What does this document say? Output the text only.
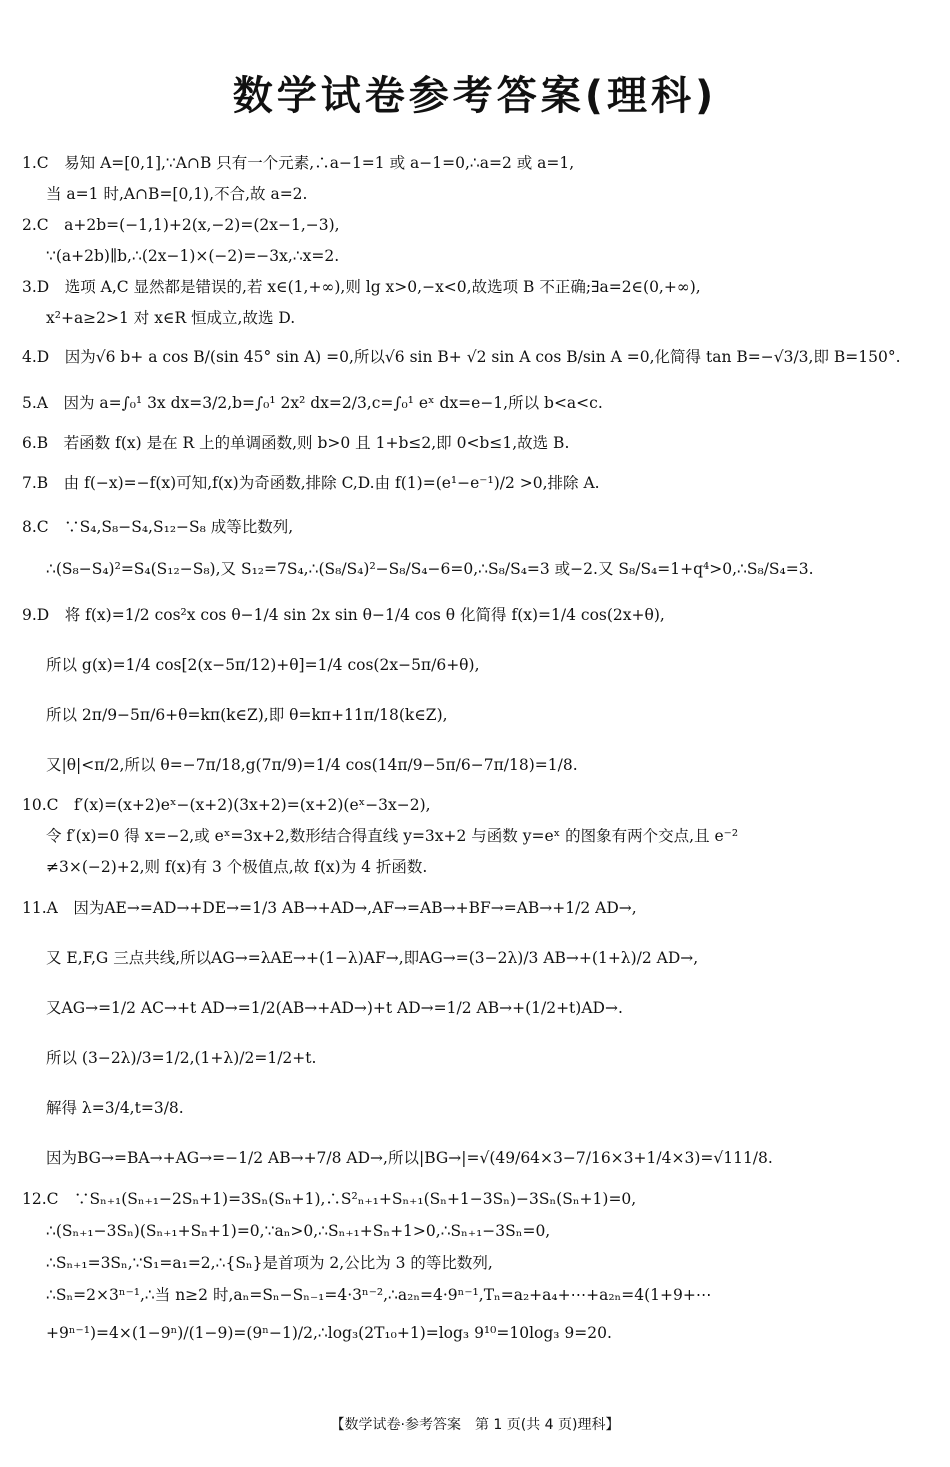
数学试卷参考答案(理科)
1.C　易知 A=[0,1],∵A∩B 只有一个元素,∴a−1=1 或 a−1=0,∴a=2 或 a=1,
当 a=1 时,A∩B=[0,1),不合,故 a=2.
2.C　a+2b=(−1,1)+2(x,−2)=(2x−1,−3),
∵(a+2b)∥b,∴(2x−1)×(−2)=−3x,∴x=2.
3.D　选项 A,C 显然都是错误的,若 x∈(1,+∞),则 lg x>0,−x<0,故选项 B 不正确;∃a=2∈(0,+∞),
x²+a≥2>1 对 x∈R 恒成立,故选 D.
4.D　因为√6 b+ a cos B/(sin 45° sin A) =0,所以√6 sin B+ √2 sin A cos B/sin A =0,化简得 tan B=−√3/3,即 B=150°.
5.A　因为 a=∫₀¹ 3x dx=3/2,b=∫₀¹ 2x² dx=2/3,c=∫₀¹ eˣ dx=e−1,所以 b<a<c.
6.B　若函数 f(x) 是在 R 上的单调函数,则 b>0 且 1+b≤2,即 0<b≤1,故选 B.
7.B　由 f(−x)=−f(x)可知,f(x)为奇函数,排除 C,D.由 f(1)=(e¹−e⁻¹)/2 >0,排除 A.
8.C　∵S₄,S₈−S₄,S₁₂−S₈ 成等比数列,
∴(S₈−S₄)²=S₄(S₁₂−S₈),又 S₁₂=7S₄,∴(S₈/S₄)²−S₈/S₄−6=0,∴S₈/S₄=3 或−2.又 S₈/S₄=1+q⁴>0,∴S₈/S₄=3.
9.D　将 f(x)=1/2 cos²x cos θ−1/4 sin 2x sin θ−1/4 cos θ 化简得 f(x)=1/4 cos(2x+θ),
所以 g(x)=1/4 cos[2(x−5π/12)+θ]=1/4 cos(2x−5π/6+θ),
所以 2π/9−5π/6+θ=kπ(k∈Z),即 θ=kπ+11π/18(k∈Z),
又|θ|<π/2,所以 θ=−7π/18,g(7π/9)=1/4 cos(14π/9−5π/6−7π/18)=1/8.
10.C　f′(x)=(x+2)eˣ−(x+2)(3x+2)=(x+2)(eˣ−3x−2),
令 f′(x)=0 得 x=−2,或 eˣ=3x+2,数形结合得直线 y=3x+2 与函数 y=eˣ 的图象有两个交点,且 e⁻²
≠3×(−2)+2,则 f(x)有 3 个极值点,故 f(x)为 4 折函数.
11.A　因为AE→=AD→+DE→=1/3 AB→+AD→,AF→=AB→+BF→=AB→+1/2 AD→,
又 E,F,G 三点共线,所以AG→=λAE→+(1−λ)AF→,即AG→=(3−2λ)/3 AB→+(1+λ)/2 AD→,
又AG→=1/2 AC→+t AD→=1/2(AB→+AD→)+t AD→=1/2 AB→+(1/2+t)AD→.
所以 (3−2λ)/3=1/2,(1+λ)/2=1/2+t.
解得 λ=3/4,t=3/8.
因为BG→=BA→+AG→=−1/2 AB→+7/8 AD→,所以|BG→|=√(49/64×3−7/16×3+1/4×3)=√111/8.
12.C　∵Sₙ₊₁(Sₙ₊₁−2Sₙ+1)=3Sₙ(Sₙ+1),∴S²ₙ₊₁+Sₙ₊₁(Sₙ+1−3Sₙ)−3Sₙ(Sₙ+1)=0,
∴(Sₙ₊₁−3Sₙ)(Sₙ₊₁+Sₙ+1)=0,∵aₙ>0,∴Sₙ₊₁+Sₙ+1>0,∴Sₙ₊₁−3Sₙ=0,
∴Sₙ₊₁=3Sₙ,∵S₁=a₁=2,∴{Sₙ}是首项为 2,公比为 3 的等比数列,
∴Sₙ=2×3ⁿ⁻¹,∴当 n≥2 时,aₙ=Sₙ−Sₙ₋₁=4·3ⁿ⁻²,∴a₂ₙ=4·9ⁿ⁻¹,Tₙ=a₂+a₄+⋯+a₂ₙ=4(1+9+⋯
+9ⁿ⁻¹)=4×(1−9ⁿ)/(1−9)=(9ⁿ−1)/2,∴log₃(2T₁₀+1)=log₃ 9¹⁰=10log₃ 9=20.
【数学试卷·参考答案　第 1 页(共 4 页)理科】
